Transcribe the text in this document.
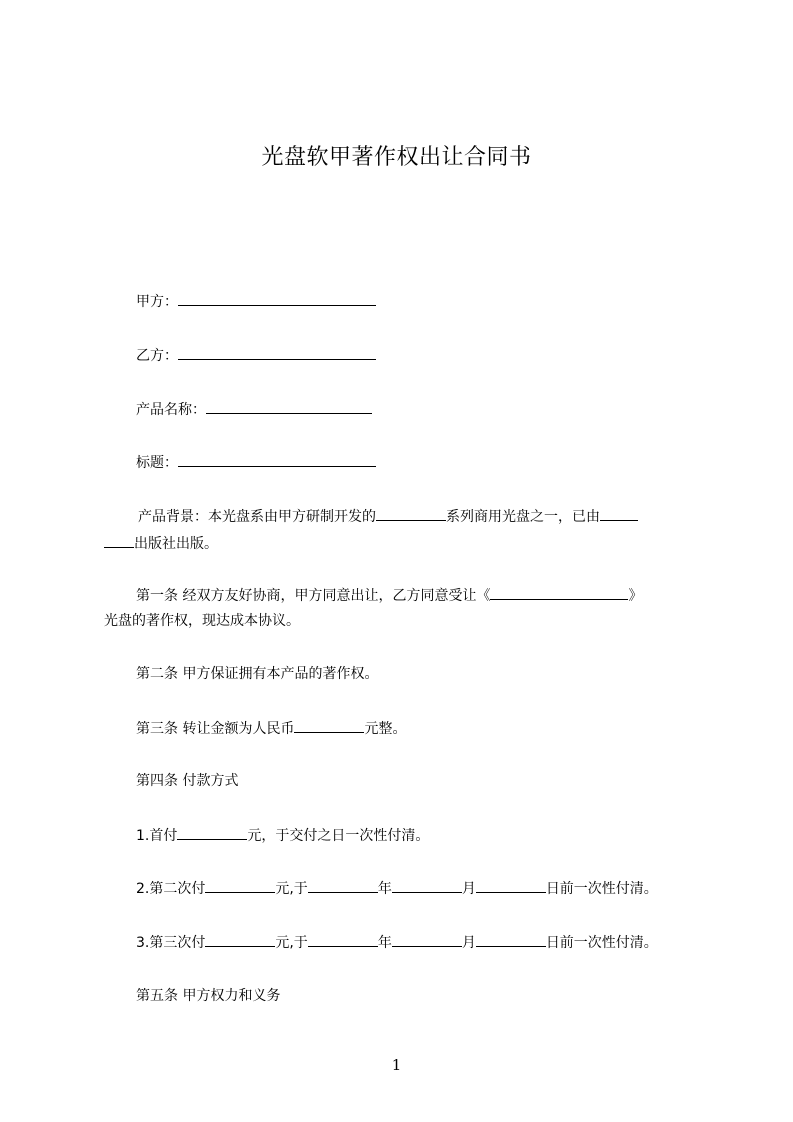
光盘软甲著作权出让合同书
甲方：
乙方：
产品名称：
标题：
产品背景：本光盘系由甲方研制开发的	系列商用光盘之一，已由
出版社出版。
第一条 经双方友好协商，甲方同意出让，乙方同意受让《	》
光盘的著作权，现达成本协议。
第二条 甲方保证拥有本产品的著作权。
第三条 转让金额为人民币	元整。
第四条 付款方式
1.首付	元，于交付之日一次性付清。
2.第二次付	元,于	年	月	日前一次性付清。
3.第三次付	元,于	年	月	日前一次性付清。
第五条 甲方权力和义务
1
